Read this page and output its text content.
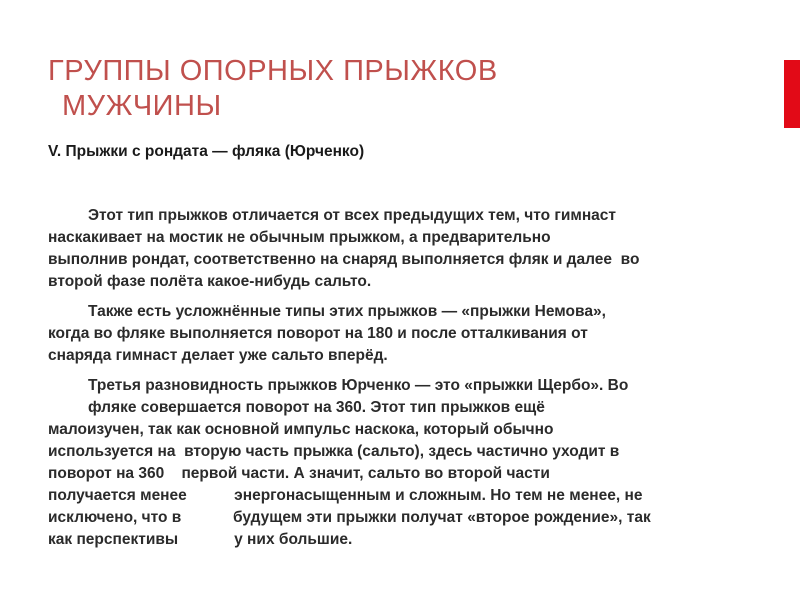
ГРУППЫ ОПОРНЫХ ПРЫЖКОВ
МУЖЧИНЫ
V. Прыжки с рондата — фляка (Юрченко)

Этот тип прыжков отличается от всех предыдущих тем, что гимнаст
наскакивает на мостик не обычным прыжком, а предварительно
выполнив рондат, соответственно на снаряд выполняется фляк и далее  во
второй фазе полёта какое-нибудь сальто.

Также есть усложнённые типы этих прыжков — «прыжки Немова»,
когда во фляке выполняется поворот на 180 и после отталкивания от
снаряда гимнаст делает уже сальто вперёд.

Третья разновидность прыжков Юрченко — это «прыжки Щербо». Во
фляке совершается поворот на 360. Этот тип прыжков ещё
малоизучен, так как основной импульс наскока, который обычно
используется на  вторую часть прыжка (сальто), здесь частично уходит в
поворот на 360    первой части. А значит, сальто во второй части
получается менее           энергонасыщенным и сложным. Но тем не менее, не
исключено, что в            будущем эти прыжки получат «второе рождение», так
как перспективы             у них большие.
